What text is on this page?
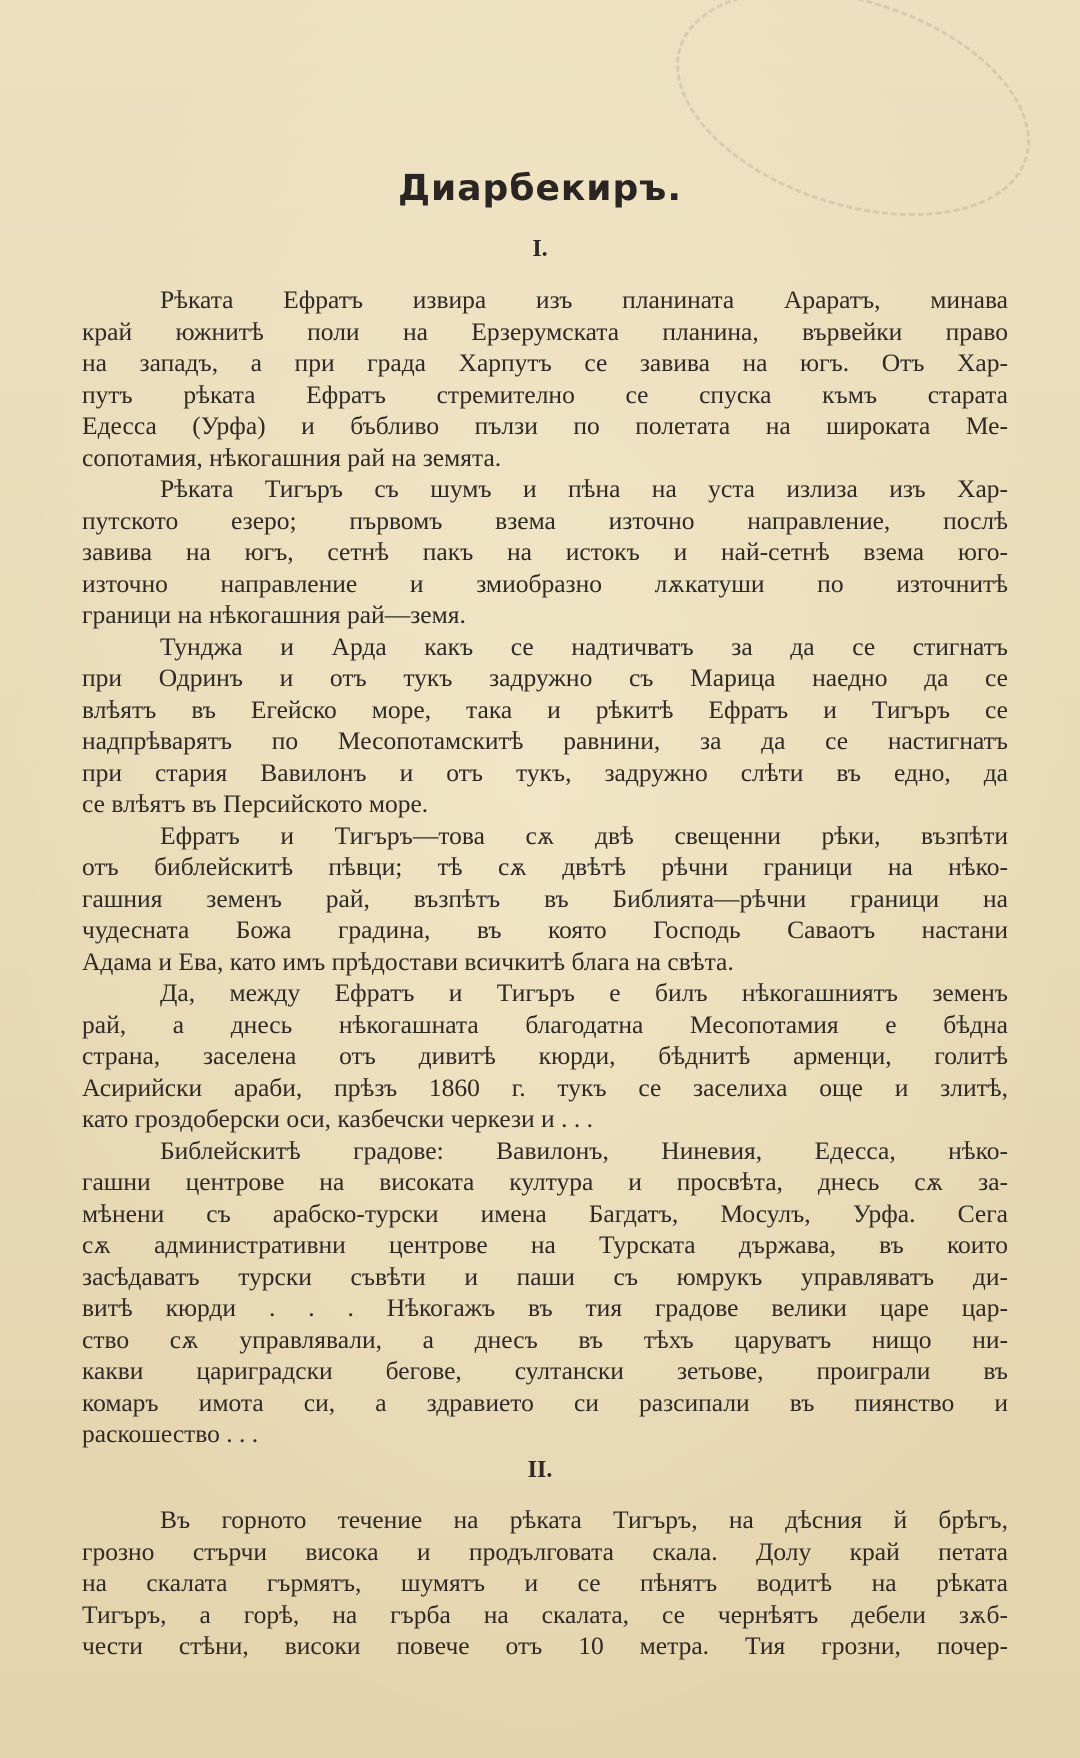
Диарбекиръ.
I.
Рѣката Ефратъ извира изъ планината Араратъ, минава
край южнитѣ поли на Ерзерумската планина, вървейки право
на западъ, а при града Харпутъ се завива на югъ. Отъ Хар-
путъ рѣката Ефратъ стремително се спуска къмъ старата
Едесса (Урфа) и бъбливо пълзи по полетата на широката Ме-
сопотамия, нѣкогашния рай на земята.
Рѣката Тигъръ съ шумъ и пѣна на уста излиза изъ Хар-
путското езеро; първомъ взема източно направление, послѣ
завива на югъ, сетнѣ пакъ на истокъ и най-сетнѣ взема юго-
източно направление и змиобразно лѫкатуши по източнитѣ
граници на нѣкогашния рай—земя.
Тунджа и Арда какъ се надтичватъ за да се стигнатъ
при Одринъ и отъ тукъ задружно съ Марица наедно да се
влѣятъ въ Егейско море, така и рѣкитѣ Ефратъ и Тигъръ се
надпрѣварятъ по Месопотамскитѣ равнини, за да се настигнатъ
при стария Вавилонъ и отъ тукъ, задружно слѣти въ едно, да
се влѣятъ въ Персийското море.
Ефратъ и Тигъръ—това сѫ двѣ свещенни рѣки, възпѣти
отъ библейскитѣ пѣвци; тѣ сѫ двѣтѣ рѣчни граници на нѣко-
гашния земенъ рай, възпѣтъ въ Библията—рѣчни граници на
чудесната Божа градина, въ която Господь Саваотъ настани
Адама и Ева, като имъ прѣдостави всичкитѣ блага на свѣта.
Да, между Ефратъ и Тигъръ е билъ нѣкогашниятъ земенъ
рай, а днесь нѣкогашната благодатна Месопотамия е бѣдна
страна, заселена отъ дивитѣ кюрди, бѣднитѣ арменци, голитѣ
Асирийски араби, прѣзъ 1860 г. тукъ се заселиха още и злитѣ,
като гроздоберски оси, казбечски черкези и . . .
Библейскитѣ градове: Вавилонъ, Ниневия, Едесса, нѣко-
гашни центрове на високата култура и просвѣта, днесь сѫ за-
мѣнени съ арабско-турски имена Багдатъ, Мосулъ, Урфа. Сега
сѫ административни центрове на Турската държава, въ които
засѣдаватъ турски съвѣти и паши съ юмрукъ управляватъ ди-
витѣ кюрди . . . Нѣкогажъ въ тия градове велики царе цар-
ство сѫ управлявали, а днесъ въ тѣхъ царуватъ нищо ни-
какви цариградски бегове, султански зетьове, проиграли въ
комаръ имота си, а здравието си разсипали въ пиянство и
раскошество . . .
II.
Въ горното течение на рѣката Тигъръ, на дѣсния й брѣгъ,
грозно стърчи висока и продълговата скала. Долу край петата
на скалата гърмятъ, шумятъ и се пѣнятъ водитѣ на рѣката
Тигъръ, а горѣ, на гърба на скалата, се чернѣятъ дебели зѫб-
чести стѣни, високи повече отъ 10 метра. Тия грозни, почер-
